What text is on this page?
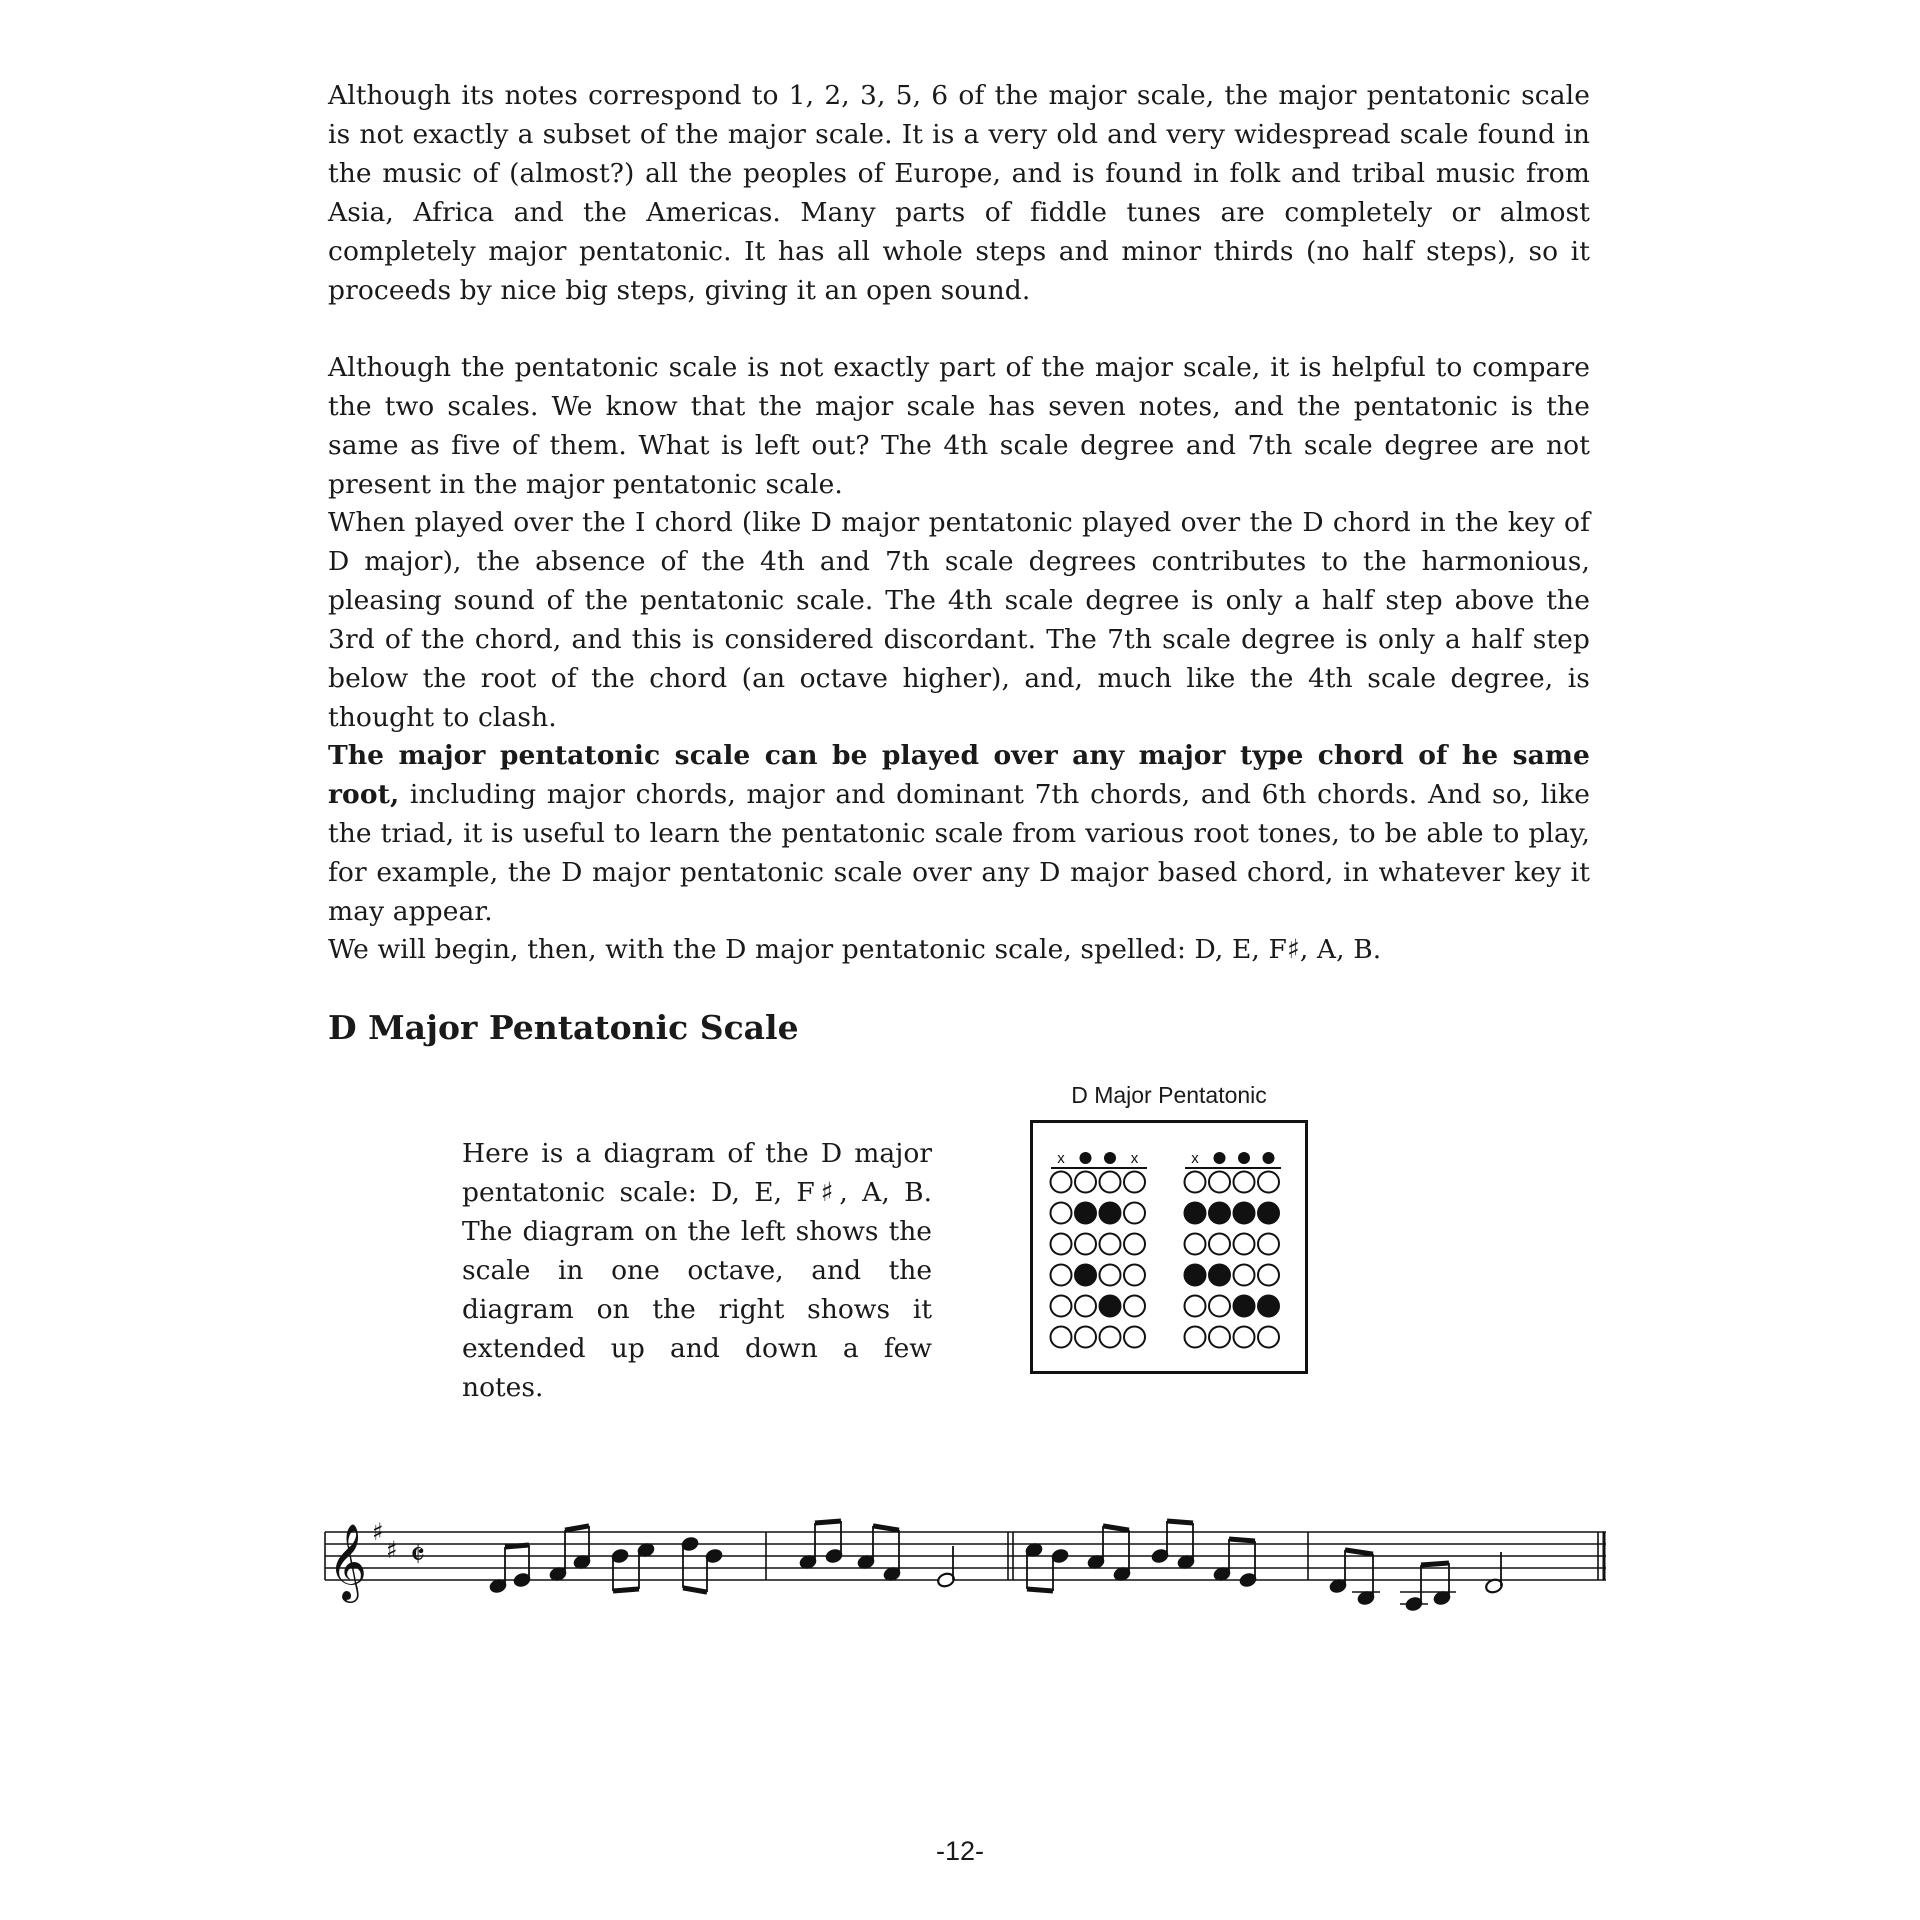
Although its notes correspond to 1, 2, 3, 5, 6 of the major scale, the major pentatonic scale is not exactly a subset of the major scale. It is a very old and very widespread scale found in the music of (almost?) all the peoples of Europe, and is found in folk and tribal music from Asia, Africa and the Americas. Many parts of fiddle tunes are completely or almost completely major pentatonic. It has all whole steps and minor thirds (no half steps), so it proceeds by nice big steps, giving it an open sound.

Although the pentatonic scale is not exactly part of the major scale, it is helpful to compare the two scales. We know that the major scale has seven notes, and the pentatonic is the same as five of them. What is left out? The 4th scale degree and 7th scale degree are not present in the major pentatonic scale.

When played over the I chord (like D major pentatonic played over the D chord in the key of D major), the absence of the 4th and 7th scale degrees contributes to the harmonious, pleasing sound of the pentatonic scale. The 4th scale degree is only a half step above the 3rd of the chord, and this is considered discordant. The 7th scale degree is only a half step below the root of the chord (an octave higher), and, much like the 4th scale degree, is thought to clash.

The major pentatonic scale can be played over any major type chord of he same root, including major chords, major and dominant 7th chords, and 6th chords. And so, like the triad, it is useful to learn the pentatonic scale from various root tones, to be able to play, for example, the D major pentatonic scale over any D major based chord, in whatever key it may appear.

We will begin, then, with the D major pentatonic scale, spelled: D, E, F♯, A, B.

D Major Pentatonic Scale

Here is a diagram of the D major pentatonic scale: D, E, F♯, A, B. The diagram on the left shows the scale in one octave, and the diagram on the right shows it extended up and down a few notes.

D Major Pentatonic
x	x	x
𝄞 ♯
♯ 𝄵
-12-
